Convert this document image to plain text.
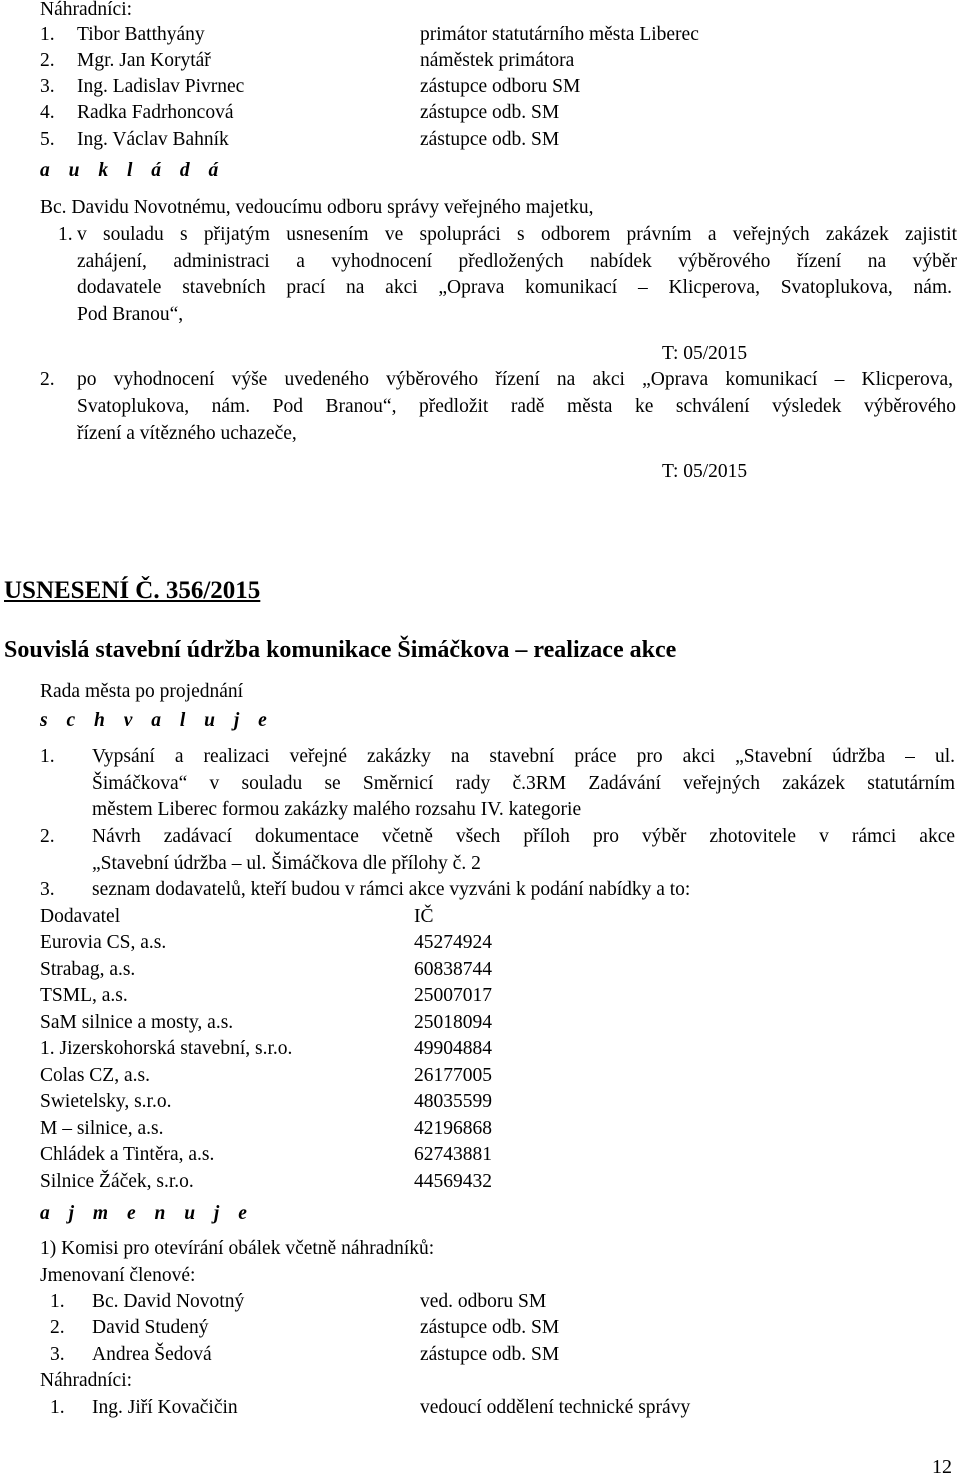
Náhradníci:
1. Tibor Batthyány	primátor statutárního města Liberec
2. Mgr. Jan Korytář	náměstek primátora
3. Ing. Ladislav Pivrnec	zástupce odboru SM
4. Radka Fadrhoncová	zástupce odb. SM
5. Ing. Václav Bahník	zástupce odb. SM
a u k l á d á
Bc. Davidu Novotnému, vedoucímu odboru správy veřejného majetku,
1. v souladu s přijatým usnesením ve spolupráci s odborem právním a veřejných zakázek zajistit
zahájení, administraci a vyhodnocení předložených nabídek výběrového řízení na výběr
dodavatele stavebních prací na akci „Oprava komunikací – Klicperova, Svatoplukova, nám.
Pod Branou“,
T: 05/2015
2. po vyhodnocení výše uvedeného výběrového řízení na akci „Oprava komunikací – Klicperova,
Svatoplukova, nám. Pod Branou“, předložit radě města ke schválení výsledek výběrového
řízení a vítězného uchazeče,
T: 05/2015
USNESENÍ Č. 356/2015
Souvislá stavební údržba komunikace Šimáčkova – realizace akce
Rada města po projednání
s c h v a l u j e
1. Vypsání a realizaci veřejné zakázky na stavební práce pro akci „Stavební údržba – ul.
Šimáčkova“ v souladu se Směrnicí rady č.3RM Zadávání veřejných zakázek statutárním
městem Liberec formou zakázky malého rozsahu IV. kategorie
2. Návrh zadávací dokumentace včetně všech příloh pro výběr zhotovitele v rámci akce
„Stavební údržba – ul. Šimáčkova dle přílohy č. 2
3. seznam dodavatelů, kteří budou v rámci akce vyzváni k podání nabídky a to:
Dodavatel	IČ
Eurovia CS, a.s.	45274924
Strabag, a.s.	60838744
TSML, a.s.	25007017
SaM silnice a mosty, a.s.	25018094
1. Jizerskohorská stavební, s.r.o.	49904884
Colas CZ, a.s.	26177005
Swietelsky, s.r.o.	48035599
M – silnice, a.s.	42196868
Chládek a Tintěra, a.s.	62743881
Silnice Žáček, s.r.o.	44569432
a j m e n u j e
1) Komisi pro otevírání obálek včetně náhradníků:
Jmenovaní členové:
1. Bc. David Novotný	ved. odboru SM
2. David Studený	zástupce odb. SM
3. Andrea Šedová	zástupce odb. SM
Náhradníci:
1. Ing. Jiří Kovačičin	vedoucí oddělení technické správy
12
